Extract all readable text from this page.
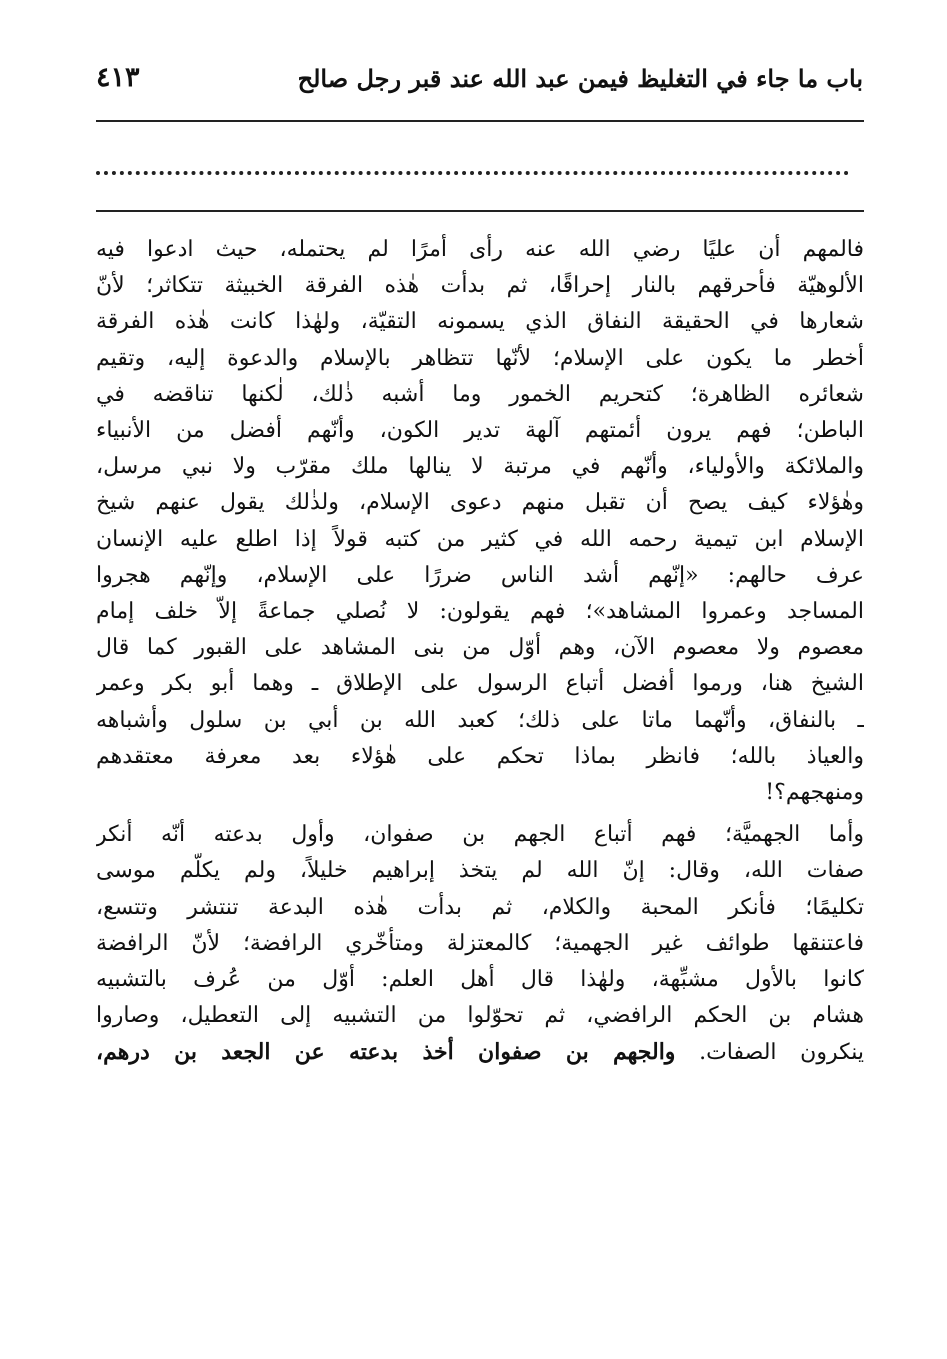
باب ما جاء في التغليظ فيمن عبد الله عند قبر رجل صالح
٤١٣

فالمهم أن عليًا رضي الله عنه رأى أمرًا لم يحتمله، حيث ادعوا فيه
الألوهيّة فأحرقهم بالنار إحراقًا، ثم بدأت هٰذه الفرقة الخبيثة تتكاثر؛ لأنّ
شعارها في الحقيقة النفاق الذي يسمونه التقيّة، ولهٰذا كانت هٰذه الفرقة
أخطر ما يكون على الإسلام؛ لأنّها تتظاهر بالإسلام والدعوة إليه، وتقيم
شعائره الظاهرة؛ كتحريم الخمور وما أشبه ذٰلك، لٰكنها تناقضه في
الباطن؛ فهم يرون أئمتهم آلهة تدير الكون، وأنّهم أفضل من الأنبياء
والملائكة والأولياء، وأنّهم في مرتبة لا ينالها ملك مقرّب ولا نبي مرسل،
وهٰؤلاء كيف يصح أن تقبل منهم دعوى الإسلام، ولذٰلك يقول عنهم شيخ
الإسلام ابن تيمية رحمه الله في كثير من كتبه قولاً إذا اطلع عليه الإنسان
عرف حالهم: «إنّهم أشد الناس ضررًا على الإسلام، وإنّهم هجروا
المساجد وعمروا المشاهد»؛ فهم يقولون: لا نُصلي جماعةً إلاّ خلف إمام
معصوم ولا معصوم الآن، وهم أوّل من بنى المشاهد على القبور كما قال
الشيخ هنا، ورموا أفضل أتباع الرسول على الإطلاق ـ وهما أبو بكر وعمر
ـ بالنفاق، وأنّهما ماتا على ذلك؛ كعبد الله بن أبي بن سلول وأشباهه
والعياذ بالله؛ فانظر بماذا تحكم على هٰؤلاء بعد معرفة معتقدهم
ومنهجهم؟!

وأما الجهميَّة؛ فهم أتباع الجهم بن صفوان، وأول بدعته أنّه أنكر
صفات الله، وقال: إنّ الله لم يتخذ إبراهيم خليلاً، ولم يكلّم موسى
تكليمًا؛ فأنكر المحبة والكلام، ثم بدأت هٰذه البدعة تنتشر وتتسع،
فاعتنقها طوائف غير الجهمية؛ كالمعتزلة ومتأخّري الرافضة؛ لأنّ الرافضة
كانوا بالأول مشبِّهة، ولهٰذا قال أهل العلم: أوّل من عُرف بالتشبيه
هشام بن الحكم الرافضي، ثم تحوّلوا من التشبيه إلى التعطيل، وصاروا
ينكرون الصفات. والجهم بن صفوان أخذ بدعته عن الجعد بن درهم،
